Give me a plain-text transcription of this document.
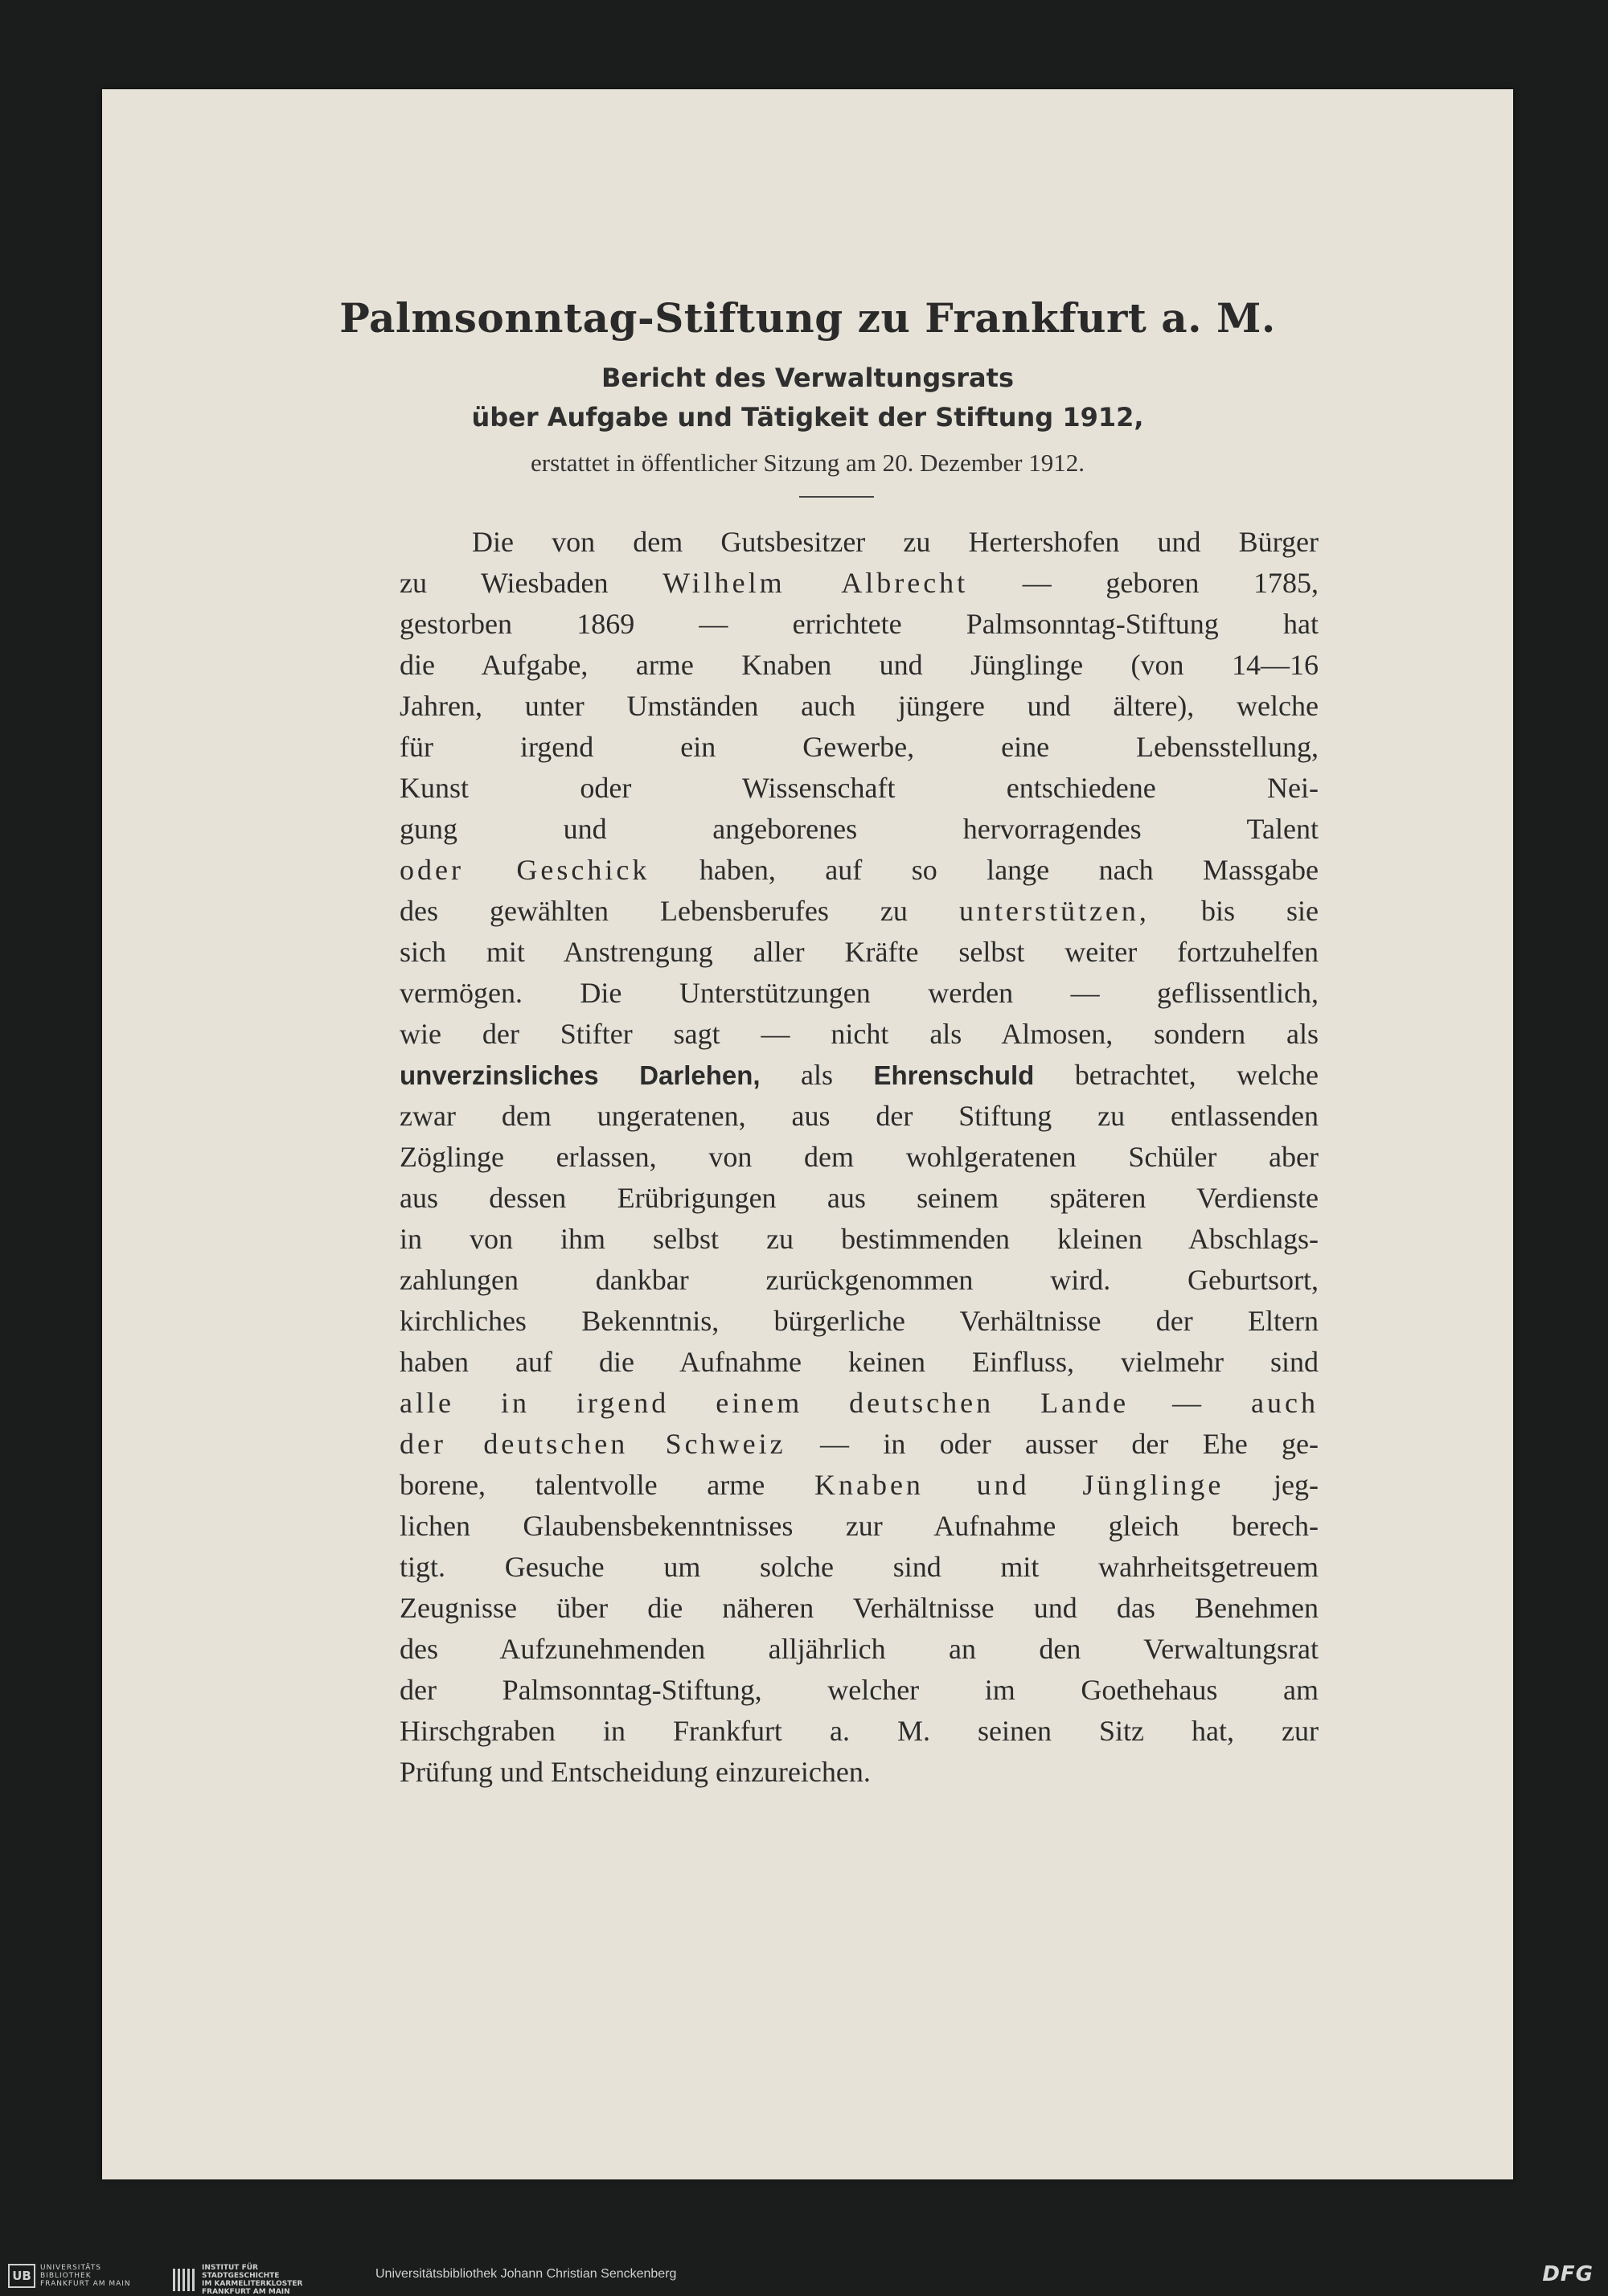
Palmsonntag-Stiftung zu Frankfurt a. M.
Bericht des Verwaltungsrats
über Aufgabe und Tätigkeit der Stiftung 1912,
erstattet in öffentlicher Sitzung am 20. Dezember 1912.
Die von dem Gutsbesitzer zu Hertershofen und Bürger
zu Wiesbaden Wilhelm Albrecht — geboren 1785,
gestorben 1869 — errichtete Palmsonntag-Stiftung hat
die Aufgabe, arme Knaben und Jünglinge (von 14—16
Jahren, unter Umständen auch jüngere und ältere), welche
für irgend ein Gewerbe, eine Lebensstellung,
Kunst oder Wissenschaft entschiedene Nei-
gung und angeborenes hervorragendes Talent
oder Geschick haben, auf so lange nach Massgabe
des gewählten Lebensberufes zu unterstützen, bis sie
sich mit Anstrengung aller Kräfte selbst weiter fortzuhelfen
vermögen. Die Unterstützungen werden — geflissentlich,
wie der Stifter sagt — nicht als Almosen, sondern als
unverzinsliches Darlehen, als Ehrenschuld betrachtet, welche
zwar dem ungeratenen, aus der Stiftung zu entlassenden
Zöglinge erlassen, von dem wohlgeratenen Schüler aber
aus dessen Erübrigungen aus seinem späteren Verdienste
in von ihm selbst zu bestimmenden kleinen Abschlags-
zahlungen dankbar zurückgenommen wird. Geburtsort,
kirchliches Bekenntnis, bürgerliche Verhältnisse der Eltern
haben auf die Aufnahme keinen Einfluss, vielmehr sind
alle in irgend einem deutschen Lande — auch
der deutschen Schweiz — in oder ausser der Ehe ge-
borene, talentvolle arme Knaben und Jünglinge jeg-
lichen Glaubensbekenntnisses zur Aufnahme gleich berech-
tigt. Gesuche um solche sind mit wahrheitsgetreuem
Zeugnisse über die näheren Verhältnisse und das Benehmen
des Aufzunehmenden alljährlich an den Verwaltungsrat
der Palmsonntag-Stiftung, welcher im Goethehaus am
Hirschgraben in Frankfurt a. M. seinen Sitz hat, zur
Prüfung und Entscheidung einzureichen.
UB
UNIVERSITÄTS
BIBLIOTHEK
FRANKFURT AM MAIN
INSTITUT FÜR
STADTGESCHICHTE
IM KARMELITERKLOSTER
FRANKFURT AM MAIN
Universitätsbibliothek Johann Christian Senckenberg	DFG
